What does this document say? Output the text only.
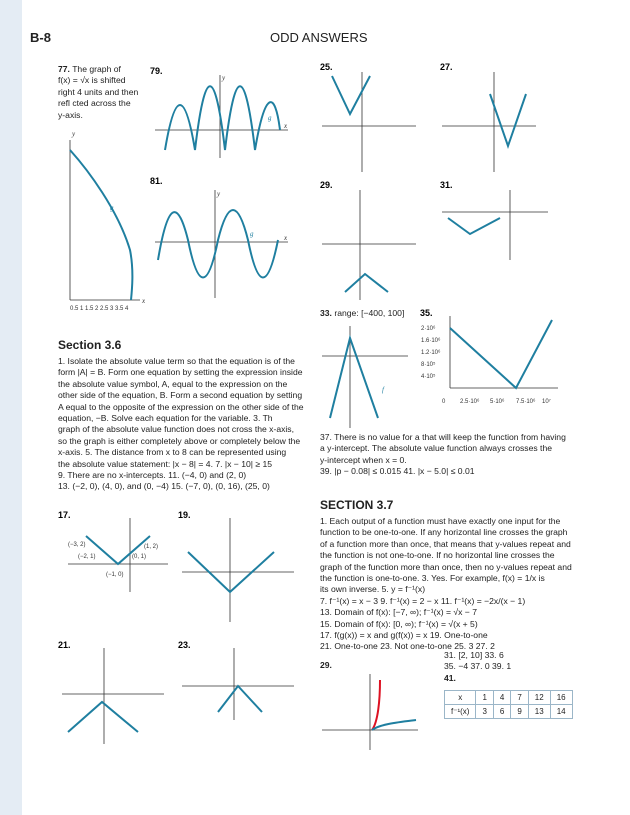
B-8	ODD ANSWERS
77. The graph of
f(x) = √x is shifted
right 4 units and then
refl cted across the
y-axis.
y
x
g
0.5 1 1.5 2 2.5 3 3.5 4
79.
g
y
x
81.
g
y
x
25.	27.
29.	31.
33. range: [−400, 100]
f
35.
2·10⁶
1.6·10⁶
1.2·10⁶
8·10⁵
4·10⁵
0 2.5·10⁶ 5·10⁶ 7.5·10⁶ 10⁷
Section 3.6
1. Isolate the absolute value term so that the equation is of the
form |A| = B. Form one equation by setting the expression inside
the absolute value symbol, A, equal to the expression on the
other side of the equation, B. Form a second equation by setting
A equal to the opposite of the expression on the other side of the
equation, −B. Solve each equation for the variable. 3. Th
graph of the absolute value function does not cross the x-axis,
so the graph is either completely above or completely below the
x-axis. 5. The distance from x to 8 can be represented using
the absolute value statement: |x − 8| = 4. 7. |x − 10| ≥ 15
9. There are no x-intercepts. 11. (−4, 0) and (2, 0)
13. (−2, 0), (4, 0), and (0, −4) 15. (−7, 0), (0, 16), (25, 0)
17.
(−3, 2)	(1, 2)
(−2, 1)	(0, 1)
(−1, 0)
19.
21.	23.
37. There is no value for a that will keep the function from having
a y-intercept. The absolute value function always crosses the
y-intercept when x = 0.
39. |p − 0.08| ≤ 0.015 41. |x − 5.0| ≤ 0.01
SECTION 3.7
1. Each output of a function must have exactly one input for the
function to be one-to-one. If any horizontal line crosses the graph
of a function more than once, that means that y-values repeat and
the function is not one-to-one. If no horizontal line crosses the
graph of the function more than once, then no y-values repeat and
the function is one-to-one. 3. Yes. For example, f(x) = 1/x is
its own inverse. 5. y = f⁻¹(x)
7. f⁻¹(x) = x − 3 9. f⁻¹(x) = 2 − x 11. f⁻¹(x) = −2x/(x − 1)
13. Domain of f(x): [−7, ∞); f⁻¹(x) = √x − 7
15. Domain of f(x): [0, ∞); f⁻¹(x) = √(x + 5)
17. f(g(x)) = x and g(f(x)) = x 19. One-to-one
21. One-to-one 23. Not one-to-one 25. 3 27. 2
29.
31. [2, 10] 33. 6
35. −4 37. 0 39. 1
41.
x	1	4	7	12	16
f⁻¹(x)	3	6	9	13	14
